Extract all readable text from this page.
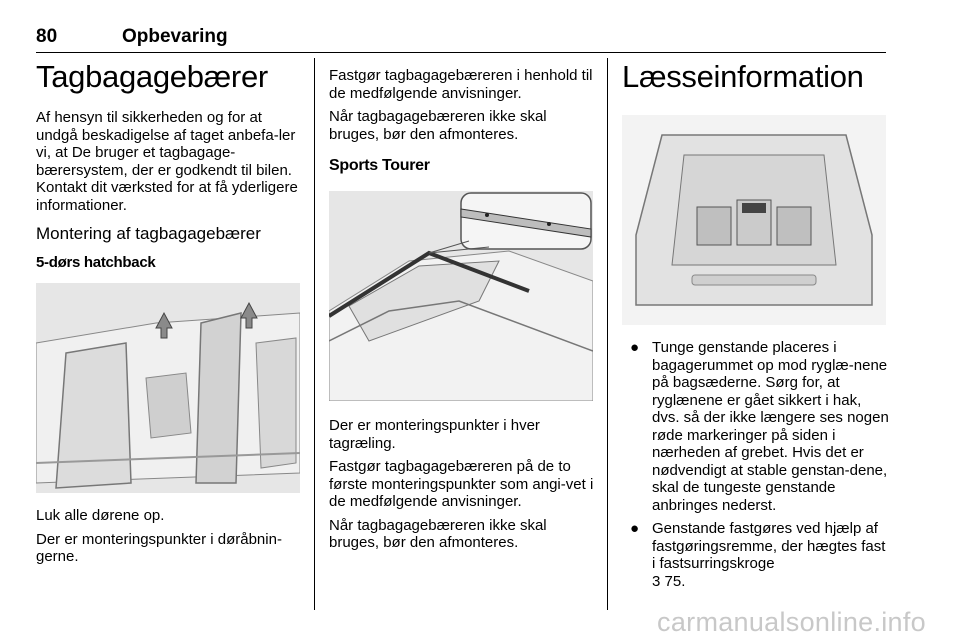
80	Opbevaring
Tagbagagebærer

Af hensyn til sikkerheden og for at undgå beskadigelse af taget anbefa-ler vi, at De bruger et tagbagage-bærersystem, der er godkendt til bilen. Kontakt dit værksted for at få yderligere informationer.

Montering af tagbagagebærer
5-dørs hatchback

Luk alle dørene op.

Der er monteringspunkter i døråbnin-gerne.

Fastgør tagbagagebæreren i henhold til de medfølgende anvisninger.

Når tagbagagebæreren ikke skal bruges, bør den afmonteres.

Sports Tourer

Der er monteringspunkter i hver tagræling.

Fastgør tagbagagebæreren på de to første monteringspunkter som angi-vet i de medfølgende anvisninger.

Når tagbagagebæreren ikke skal bruges, bør den afmonteres.

Læsseinformation
● Tunge genstande placeres i bagagerummet op mod ryglæ-nene på bagsæderne. Sørg for, at ryglænene er gået sikkert i hak, dvs. så der ikke længere ses nogen røde markeringer på siden i nærheden af grebet. Hvis det er nødvendigt at stable genstan-dene, skal de tungeste genstande anbringes nederst.
● Genstande fastgøres ved hjælp af fastgøringsremme, der hægtes fast i fastsurringskroge
3 75.
carmanualsonline.info
